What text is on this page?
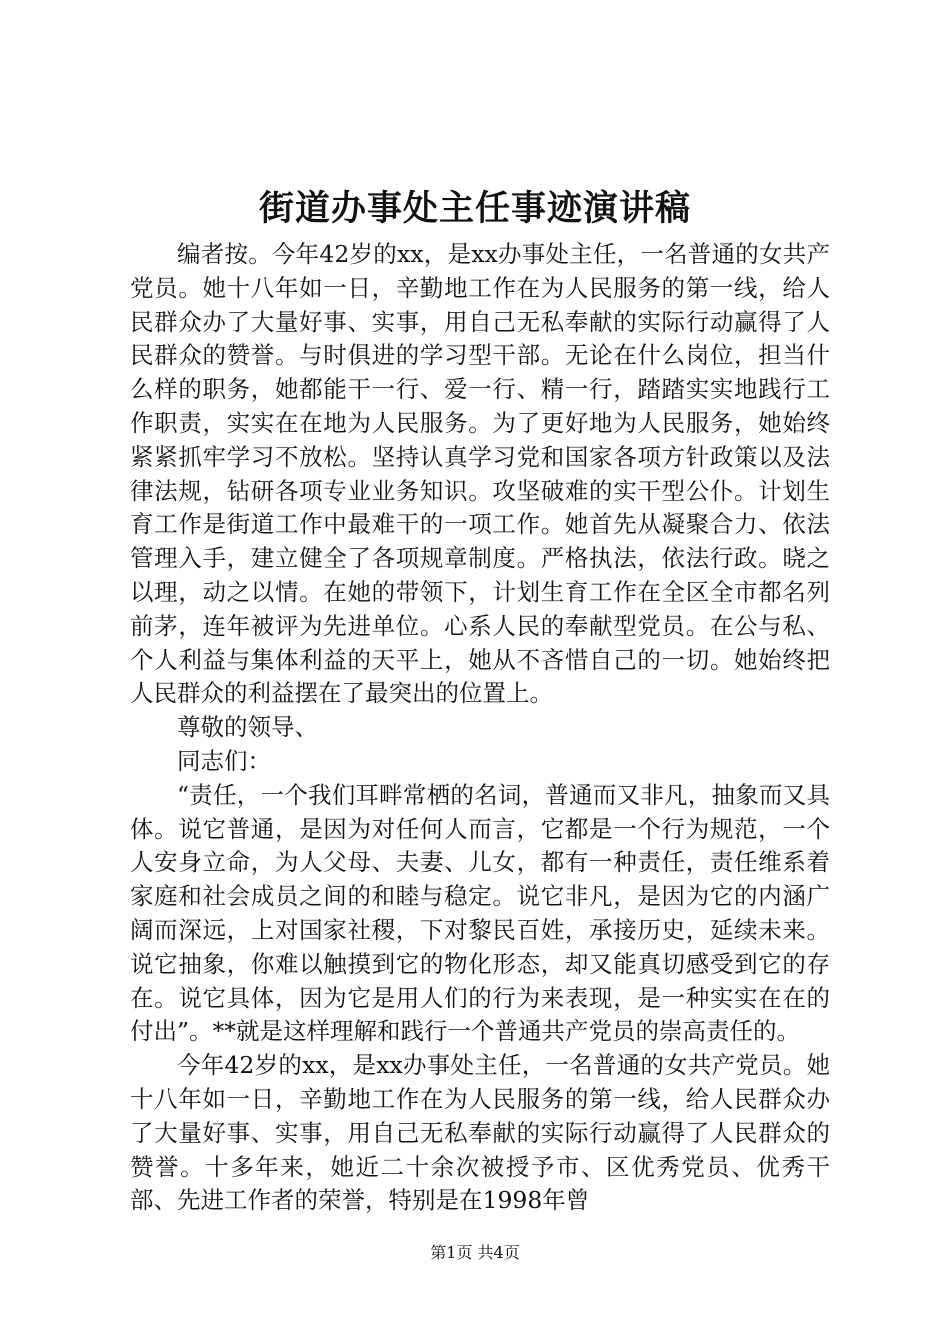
街道办事处主任事迹演讲稿

编者按。今年42岁的xx，是xx办事处主任，一名普通的女共产党员。她十八年如一日，辛勤地工作在为人民服务的第一线，给人民群众办了大量好事、实事，用自己无私奉献的实际行动赢得了人民群众的赞誉。与时俱进的学习型干部。无论在什么岗位，担当什么样的职务，她都能干一行、爱一行、精一行，踏踏实实地践行工作职责，实实在在地为人民服务。为了更好地为人民服务，她始终紧紧抓牢学习不放松。坚持认真学习党和国家各项方针政策以及法律法规，钻研各项专业业务知识。攻坚破难的实干型公仆。计划生育工作是街道工作中最难干的一项工作。她首先从凝聚合力、依法管理入手，建立健全了各项规章制度。严格执法，依法行政。晓之以理，动之以情。在她的带领下，计划生育工作在全区全市都名列前茅，连年被评为先进单位。心系人民的奉献型党员。在公与私、个人利益与集体利益的天平上，她从不吝惜自己的一切。她始终把人民群众的利益摆在了最突出的位置上。

尊敬的领导、

同志们：

“责任，一个我们耳畔常栖的名词，普通而又非凡，抽象而又具体。说它普通，是因为对任何人而言，它都是一个行为规范，一个人安身立命，为人父母、夫妻、儿女，都有一种责任，责任维系着家庭和社会成员之间的和睦与稳定。说它非凡，是因为它的内涵广阔而深远，上对国家社稷，下对黎民百姓，承接历史，延续未来。说它抽象，你难以触摸到它的物化形态，却又能真切感受到它的存在。说它具体，因为它是用人们的行为来表现，是一种实实在在的付出”。**就是这样理解和践行一个普通共产党员的崇高责任的。

今年42岁的xx，是xx办事处主任，一名普通的女共产党员。她十八年如一日，辛勤地工作在为人民服务的第一线，给人民群众办了大量好事、实事，用自己无私奉献的实际行动赢得了人民群众的赞誉。十多年来，她近二十余次被授予市、区优秀党员、优秀干部、先进工作者的荣誉，特别是在1998年曾

第1页 共4页
